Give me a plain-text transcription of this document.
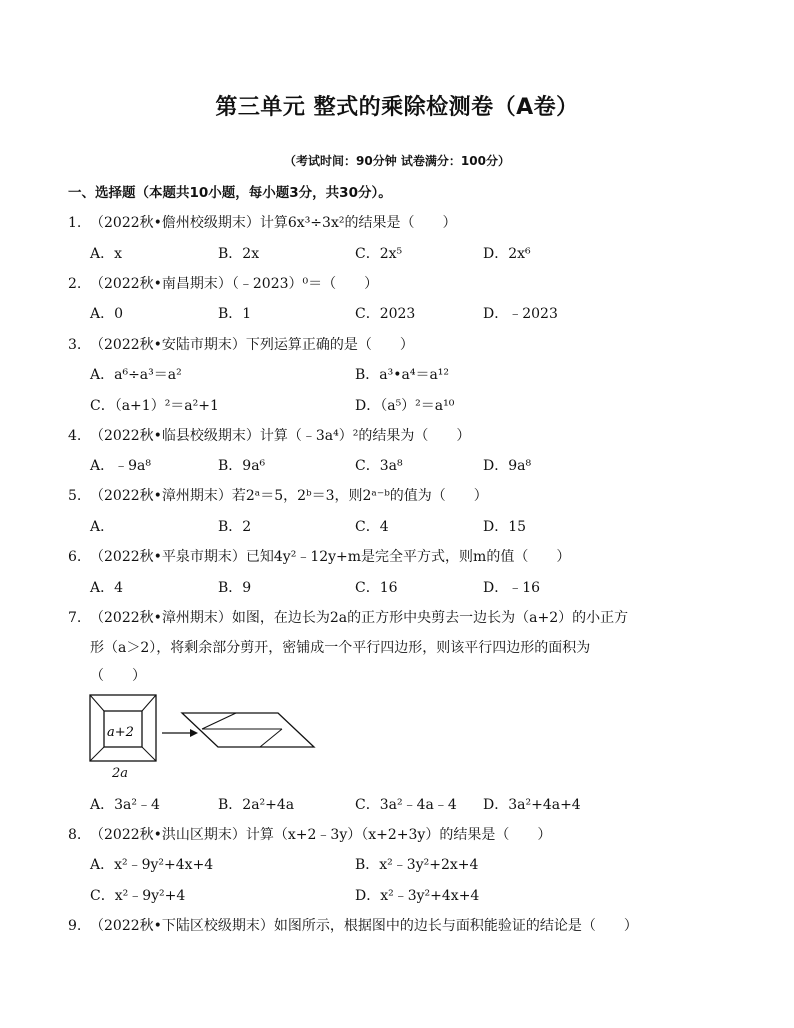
第三单元 整式的乘除检测卷（A卷）
（考试时间：90分钟 试卷满分：100分）
一、选择题（本题共10小题，每小题3分，共30分）。
1. （2022秋•儋州校级期末）计算6x³÷3x²的结果是（　　）
A．x	B．2x	C．2x⁵	D．2x⁶
2. （2022秋•南昌期末）（﹣2023）⁰＝（　　）
A．0	B．1	C．2023	D．﹣2023
3. （2022秋•安陆市期末）下列运算正确的是（　　）
A．a⁶÷a³＝a²	B．a³•a⁴＝a¹²
C．（a+1）²＝a²+1	D．（a⁵）²＝a¹⁰
4. （2022秋•临县校级期末）计算（﹣3a⁴）²的结果为（　　）
A．﹣9a⁸	B．9a⁶	C．3a⁸	D．9a⁸
5. （2022秋•漳州期末）若2ᵃ＝5，2ᵇ＝3，则2ᵃ⁻ᵇ的值为（　　）
A．	B．2	C．4	D．15
6. （2022秋•平泉市期末）已知4y²﹣12y+m是完全平方式，则m的值（　　）
A．4	B．9	C．16	D．﹣16
7. （2022秋•漳州期末）如图，在边长为2a的正方形中央剪去一边长为（a+2）的小正方
形（a＞2），将剩余部分剪开，密铺成一个平行四边形，则该平行四边形的面积为
（　　）
a+2
2a
A．3a²﹣4	B．2a²+4a	C．3a²﹣4a﹣4 D．3a²+4a+4
8. （2022秋•洪山区期末）计算（x+2﹣3y）（x+2+3y）的结果是（　　）
A．x²﹣9y²+4x+4	B．x²﹣3y²+2x+4
C．x²﹣9y²+4	D．x²﹣3y²+4x+4
9. （2022秋•下陆区校级期末）如图所示，根据图中的边长与面积能验证的结论是（　　）
